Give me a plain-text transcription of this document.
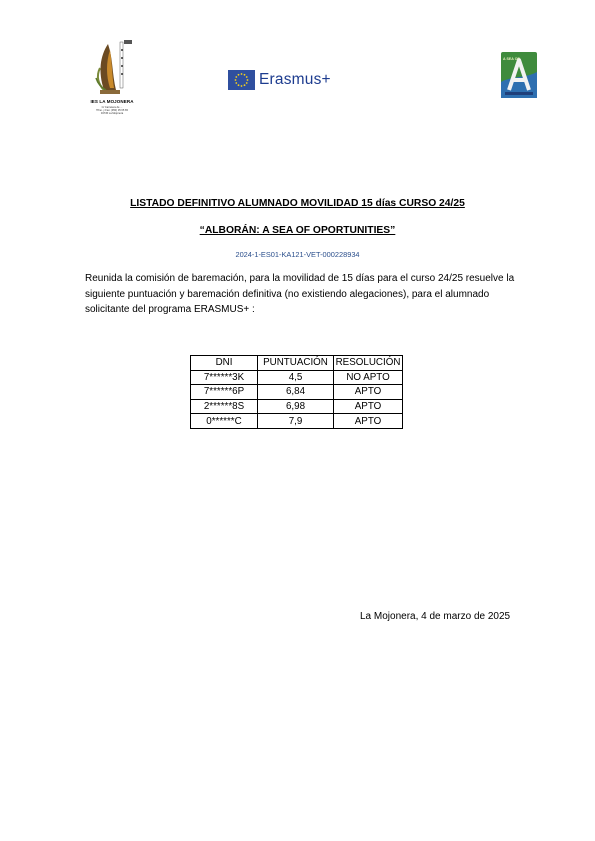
IES LA MOJONERA
C/ Carretera de ...
Tlfno. y Fax: (950) 35 65 65
04745 La Mojonera
Erasmus+
A SEA OF
LISTADO DEFINITIVO ALUMNADO MOVILIDAD 15 días CURSO 24/25
“ALBORÁN: A SEA OF OPORTUNITIES”
2024-1-ES01-KA121-VET-000228934
Reunida la comisión de baremación, para la movilidad de 15 días para el curso 24/25 resuelve la siguiente puntuación y baremación definitiva (no existiendo alegaciones), para el alumnado solicitante del programa ERASMUS+ :
DNI	PUNTUACIÓN	RESOLUCIÓN
7******3K	4,5	NO APTO
7******6P	6,84	APTO
2******8S	6,98	APTO
0******C	7,9	APTO
La Mojonera, 4 de marzo de 2025
